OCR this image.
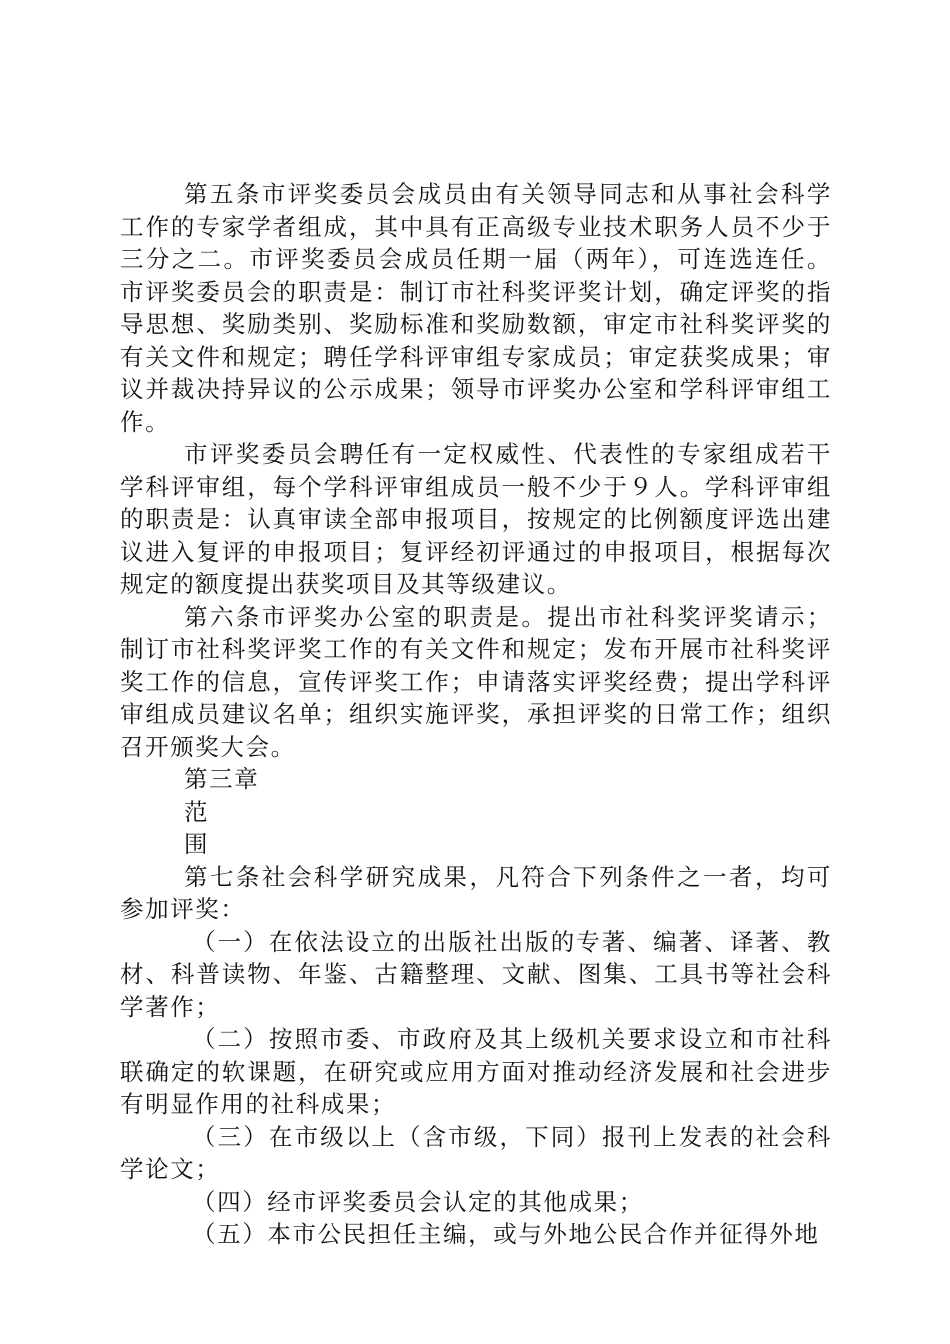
第五条市评奖委员会成员由有关领导同志和从事社会科学工作的专家学者组成，其中具有正高级专业技术职务人员不少于三分之二。市评奖委员会成员任期一届（两年），可连选连任。市评奖委员会的职责是：制订市社科奖评奖计划，确定评奖的指导思想、奖励类别、奖励标准和奖励数额，审定市社科奖评奖的有关文件和规定；聘任学科评审组专家成员；审定获奖成果；审议并裁决持异议的公示成果；领导市评奖办公室和学科评审组工作。

市评奖委员会聘任有一定权威性、代表性的专家组成若干学科评审组，每个学科评审组成员一般不少于９人。学科评审组的职责是：认真审读全部申报项目，按规定的比例额度评选出建议进入复评的申报项目；复评经初评通过的申报项目，根据每次规定的额度提出获奖项目及其等级建议。

第六条市评奖办公室的职责是。提出市社科奖评奖请示；制订市社科奖评奖工作的有关文件和规定；发布开展市社科奖评奖工作的信息，宣传评奖工作；申请落实评奖经费；提出学科评审组成员建议名单；组织实施评奖，承担评奖的日常工作；组织召开颁奖大会。

第三章
范
围

第七条社会科学研究成果，凡符合下列条件之一者，均可参加评奖：

（一）在依法设立的出版社出版的专著、编著、译著、教材、科普读物、年鉴、古籍整理、文献、图集、工具书等社会科学著作；

（二）按照市委、市政府及其上级机关要求设立和市社科联确定的软课题，在研究或应用方面对推动经济发展和社会进步有明显作用的社科成果；

（三）在市级以上（含市级，下同）报刊上发表的社会科学论文；

（四）经市评奖委员会认定的其他成果；

（五）本市公民担任主编，或与外地公民合作并征得外地
